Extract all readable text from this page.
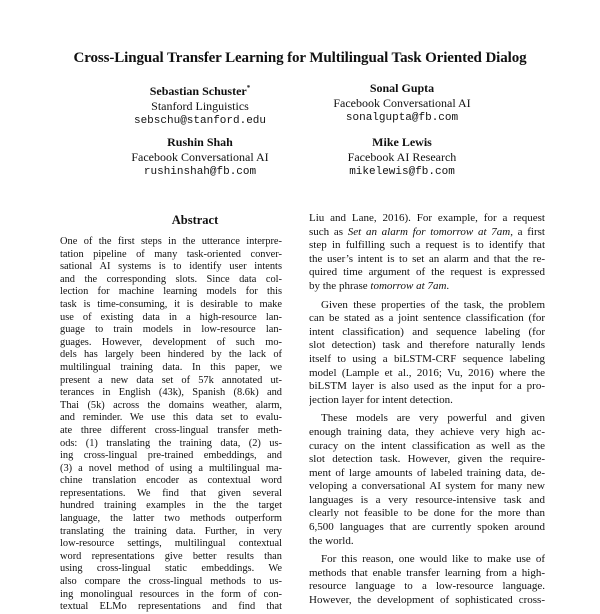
Cross-Lingual Transfer Learning for Multilingual Task Oriented Dialog
Sebastian Schuster*
Stanford Linguistics
sebschu@stanford.edu
Sonal Gupta
Facebook Conversational AI
sonalgupta@fb.com
Rushin Shah
Facebook Conversational AI
rushinshah@fb.com
Mike Lewis
Facebook AI Research
mikelewis@fb.com
Abstract
One of the first steps in the utterance interpre-
tation pipeline of many task-oriented conver-
sational AI systems is to identify user intents
and the corresponding slots. Since data col-
lection for machine learning models for this
task is time-consuming, it is desirable to make
use of existing data in a high-resource lan-
guage to train models in low-resource lan-
guages. However, development of such mo-
dels has largely been hindered by the lack of
multilingual training data. In this paper, we
present a new data set of 57k annotated ut-
terances in English (43k), Spanish (8.6k) and
Thai (5k) across the domains weather, alarm,
and reminder. We use this data set to evalu-
ate three different cross-lingual transfer meth-
ods: (1) translating the training data, (2) us-
ing cross-lingual pre-trained embeddings, and
(3) a novel method of using a multilingual ma-
chine translation encoder as contextual word
representations. We find that given several
hundred training examples in the the target
language, the latter two methods outperform
translating the training data. Further, in very
low-resource settings, multilingual contextual
word representations give better results than
using cross-lingual static embeddings. We
also compare the cross-lingual methods to us-
ing monolingual resources in the form of con-
textual ELMo representations and find that
Liu and Lane, 2016). For example, for a request
such as Set an alarm for tomorrow at 7am, a first
step in fulfilling such a request is to identify that
the user’s intent is to set an alarm and that the re-
quired time argument of the request is expressed
by the phrase tomorrow at 7am.
Given these properties of the task, the problem
can be stated as a joint sentence classification (for
intent classification) and sequence labeling (for
slot detection) task and therefore naturally lends
itself to using a biLSTM-CRF sequence labeling
model (Lample et al., 2016; Vu, 2016) where the
biLSTM layer is also used as the input for a pro-
jection layer for intent detection.
These models are very powerful and given
enough training data, they achieve very high ac-
curacy on the intent classification as well as the
slot detection task. However, given the require-
ment of large amounts of labeled training data, de-
veloping a conversational AI system for many new
languages is a very resource-intensive task and
clearly not feasible to be done for the more than
6,500 languages that are currently spoken around
the world.
For this reason, one would like to make use of
methods that enable transfer learning from a high-
resource language to a low-resource language.
However, the development of sophisticated cross-
